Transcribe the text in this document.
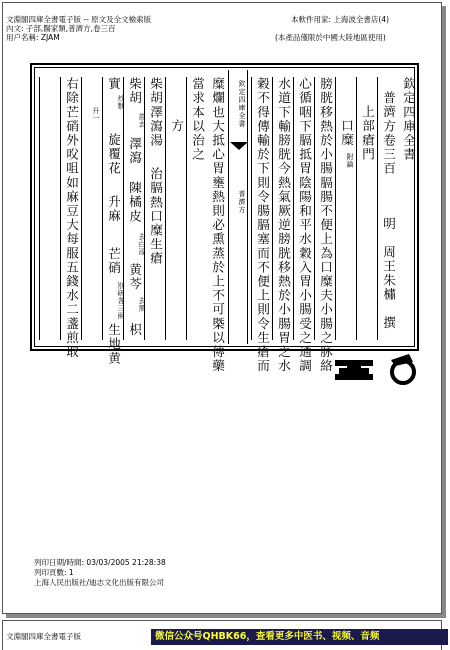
文淵閣四庫全書電子版 -- 原文及全文檢索版
內文: 子部,醫家類,普濟方,卷三百
用户名稱: ZJAM
本軟件用家: 上海波全書店(4)
(本產品僅限於中國大陸地區使用)
欽定四庫全書
普濟方卷三百
明　周王朱橚　撰
上部瘡門
口糜
附論
膀胱移熱於小腸膈腸不便上為口糜夫小腸之脉絡
心循咽下膈抵胃陰陽和平水穀入胃小腸受之通調
水道下輸膀胱今熱氣厥逆膀胱移熱於小腸胃之水
穀不得傳輸於下則令腸膈塞而不便上則令生瘡而
欽定四庫全書
普濟方
糜爛也大抵心胃壅熱則必熏蒸於上不可槩以傳藥
當求本以治之
方
柴胡澤瀉湯
治膈熱口糜生瘡
柴胡
苗去
澤瀉
陳橘皮
去白浸
黄芩
去黑
枳
實
炒麩
旋覆花
升麻
芒硝
別研各三兩
生地黄
升一
右除芒硝外㕮咀如麻豆大每服五錢水二盞煎取
列印日期/時間: 03/03/2005 21:28:38
列印頁數: 1
上海人民出版社/迪志文化出版有限公司
文淵閣四庫全書電子版	微信公众号QHBK66，查看更多中医书、视频、音频
